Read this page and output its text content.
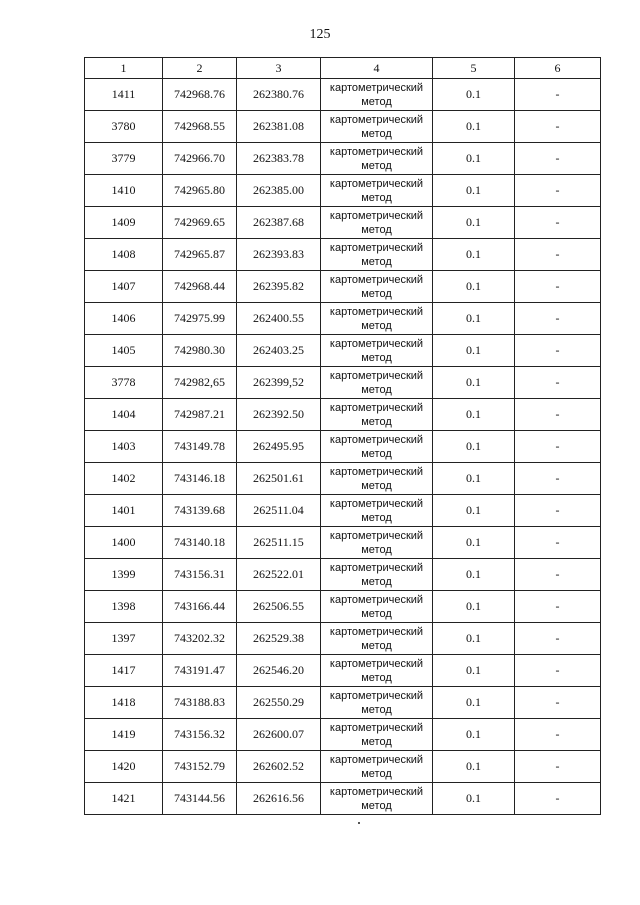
125
1	2	3	4	5	6
1411	742968.76	262380.76	картометрический метод	0.1	-
3780	742968.55	262381.08	картометрический метод	0.1	-
3779	742966.70	262383.78	картометрический метод	0.1	-
1410	742965.80	262385.00	картометрический метод	0.1	-
1409	742969.65	262387.68	картометрический метод	0.1	-
1408	742965.87	262393.83	картометрический метод	0.1	-
1407	742968.44	262395.82	картометрический метод	0.1	-
1406	742975.99	262400.55	картометрический метод	0.1	-
1405	742980.30	262403.25	картометрический метод	0.1	-
3778	742982,65	262399,52	картометрический метод	0.1	-
1404	742987.21	262392.50	картометрический метод	0.1	-
1403	743149.78	262495.95	картометрический метод	0.1	-
1402	743146.18	262501.61	картометрический метод	0.1	-
1401	743139.68	262511.04	картометрический метод	0.1	-
1400	743140.18	262511.15	картометрический метод	0.1	-
1399	743156.31	262522.01	картометрический метод	0.1	-
1398	743166.44	262506.55	картометрический метод	0.1	-
1397	743202.32	262529.38	картометрический метод	0.1	-
1417	743191.47	262546.20	картометрический метод	0.1	-
1418	743188.83	262550.29	картометрический метод	0.1	-
1419	743156.32	262600.07	картометрический метод	0.1	-
1420	743152.79	262602.52	картометрический метод	0.1	-
1421	743144.56	262616.56	картометрический метод	0.1	-
